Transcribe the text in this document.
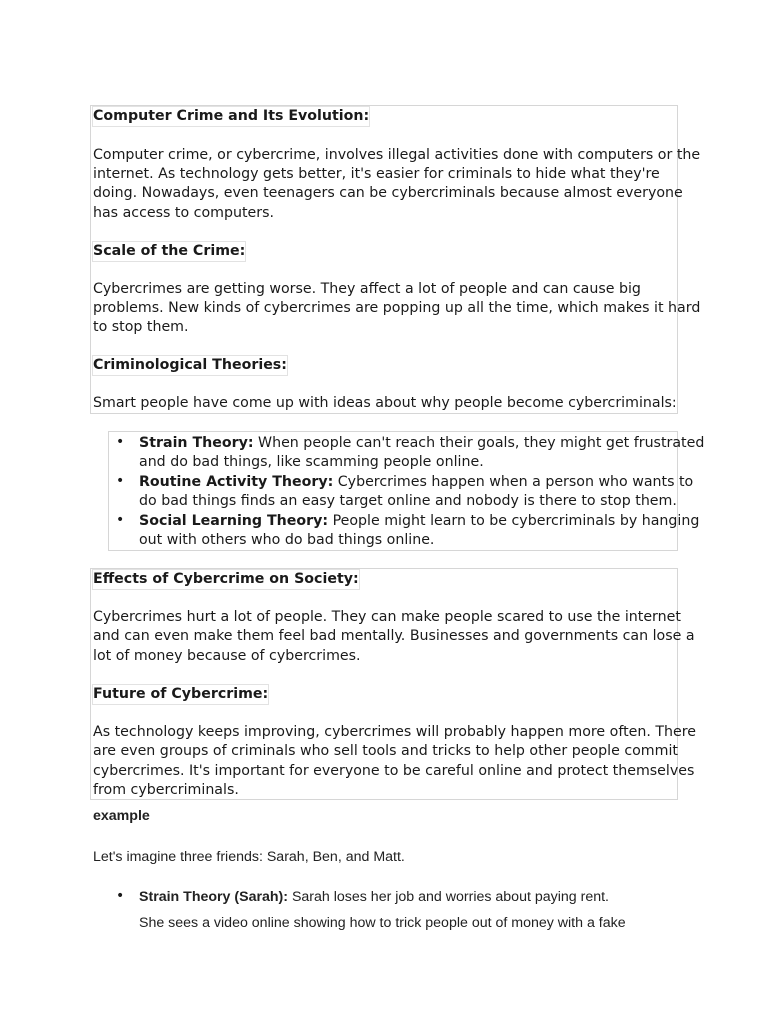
Computer Crime and Its Evolution:
Computer crime, or cybercrime, involves illegal activities done with computers or the
internet. As technology gets better, it's easier for criminals to hide what they're
doing. Nowadays, even teenagers can be cybercriminals because almost everyone
has access to computers.
Scale of the Crime:
Cybercrimes are getting worse. They affect a lot of people and can cause big
problems. New kinds of cybercrimes are popping up all the time, which makes it hard
to stop them.
Criminological Theories:
Smart people have come up with ideas about why people become cybercriminals:
• Strain Theory: When people can't reach their goals, they might get frustrated
and do bad things, like scamming people online.
• Routine Activity Theory: Cybercrimes happen when a person who wants to
do bad things finds an easy target online and nobody is there to stop them.
• Social Learning Theory: People might learn to be cybercriminals by hanging
out with others who do bad things online.
Effects of Cybercrime on Society:
Cybercrimes hurt a lot of people. They can make people scared to use the internet
and can even make them feel bad mentally. Businesses and governments can lose a
lot of money because of cybercrimes.
Future of Cybercrime:
As technology keeps improving, cybercrimes will probably happen more often. There
are even groups of criminals who sell tools and tricks to help other people commit
cybercrimes. It's important for everyone to be careful online and protect themselves
from cybercriminals.
example
Let's imagine three friends: Sarah, Ben, and Matt.
• Strain Theory (Sarah): Sarah loses her job and worries about paying rent.
She sees a video online showing how to trick people out of money with a fake
